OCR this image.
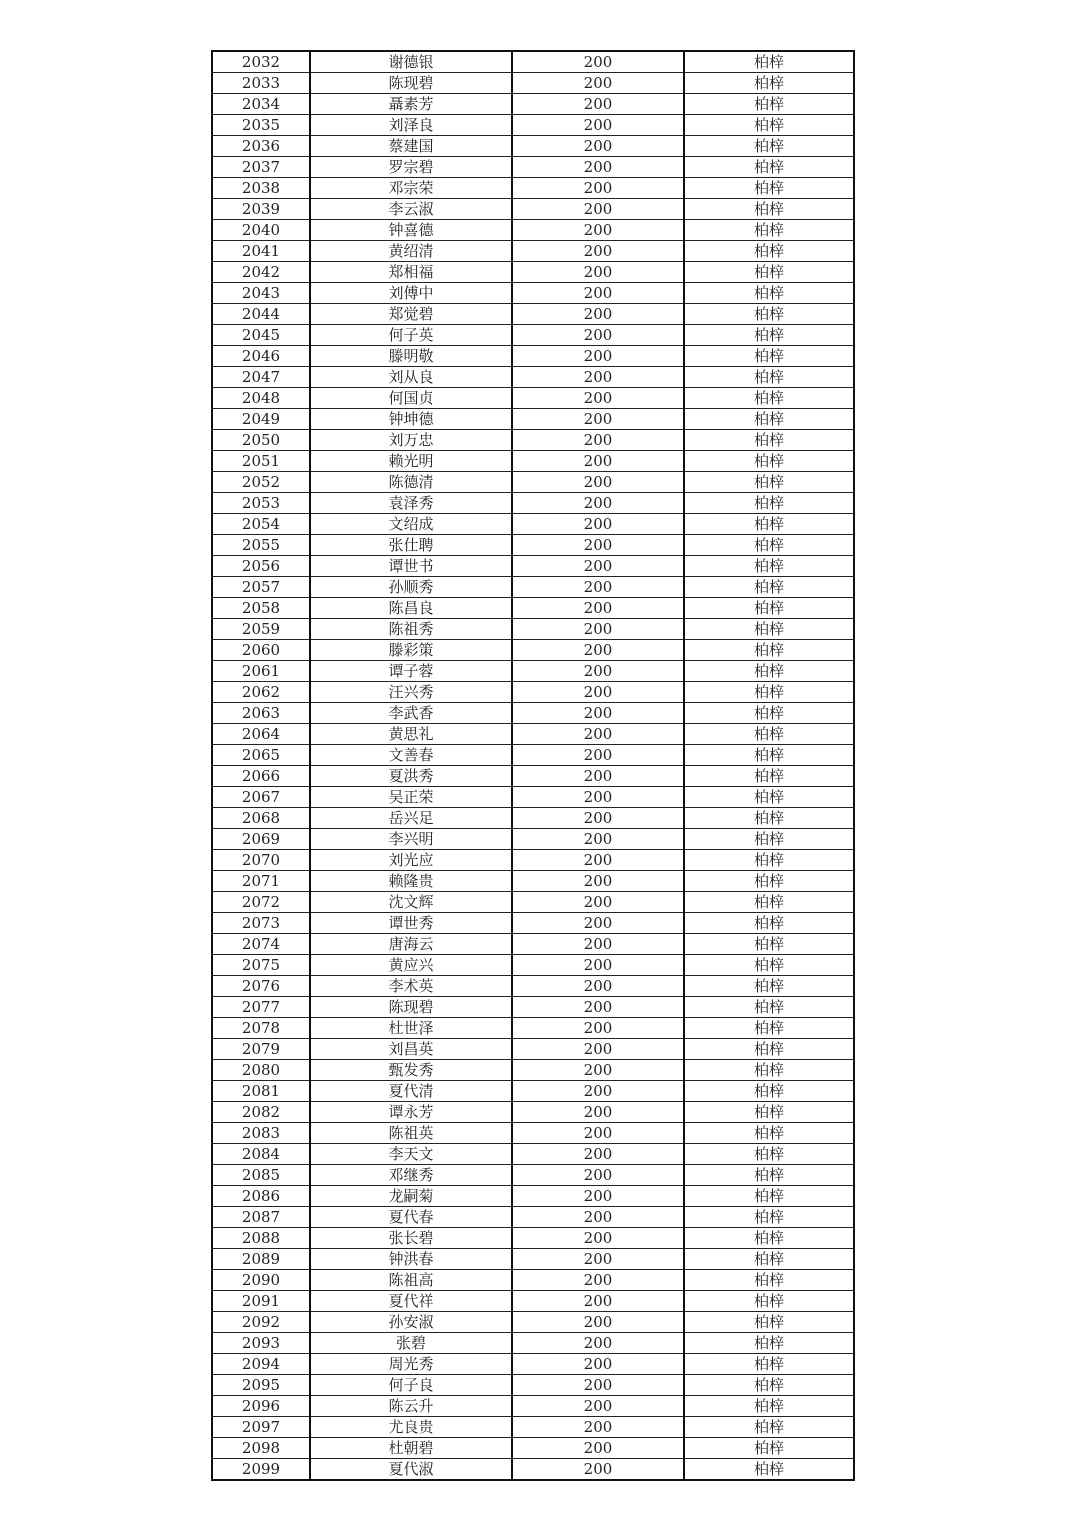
2032	谢德银	200	柏梓
2033	陈现碧	200	柏梓
2034	聶素芳	200	柏梓
2035	刘泽良	200	柏梓
2036	蔡建国	200	柏梓
2037	罗宗碧	200	柏梓
2038	邓宗荣	200	柏梓
2039	李云淑	200	柏梓
2040	钟喜德	200	柏梓
2041	黄绍清	200	柏梓
2042	郑相福	200	柏梓
2043	刘傅中	200	柏梓
2044	郑觉碧	200	柏梓
2045	何子英	200	柏梓
2046	滕明敬	200	柏梓
2047	刘从良	200	柏梓
2048	何国贞	200	柏梓
2049	钟坤德	200	柏梓
2050	刘万忠	200	柏梓
2051	赖光明	200	柏梓
2052	陈德清	200	柏梓
2053	袁泽秀	200	柏梓
2054	文绍成	200	柏梓
2055	张仕聘	200	柏梓
2056	谭世书	200	柏梓
2057	孙顺秀	200	柏梓
2058	陈昌良	200	柏梓
2059	陈祖秀	200	柏梓
2060	滕彩策	200	柏梓
2061	谭子蓉	200	柏梓
2062	汪兴秀	200	柏梓
2063	李武香	200	柏梓
2064	黄思礼	200	柏梓
2065	文善春	200	柏梓
2066	夏洪秀	200	柏梓
2067	吴正荣	200	柏梓
2068	岳兴足	200	柏梓
2069	李兴明	200	柏梓
2070	刘光应	200	柏梓
2071	赖隆贵	200	柏梓
2072	沈文辉	200	柏梓
2073	谭世秀	200	柏梓
2074	唐海云	200	柏梓
2075	黄应兴	200	柏梓
2076	李术英	200	柏梓
2077	陈现碧	200	柏梓
2078	杜世泽	200	柏梓
2079	刘昌英	200	柏梓
2080	甄发秀	200	柏梓
2081	夏代清	200	柏梓
2082	谭永芳	200	柏梓
2083	陈祖英	200	柏梓
2084	李天文	200	柏梓
2085	邓继秀	200	柏梓
2086	龙嗣菊	200	柏梓
2087	夏代春	200	柏梓
2088	张长碧	200	柏梓
2089	钟洪春	200	柏梓
2090	陈祖高	200	柏梓
2091	夏代祥	200	柏梓
2092	孙安淑	200	柏梓
2093	张碧	200	柏梓
2094	周光秀	200	柏梓
2095	何子良	200	柏梓
2096	陈云升	200	柏梓
2097	尤良贵	200	柏梓
2098	杜朝碧	200	柏梓
2099	夏代淑	200	柏梓
